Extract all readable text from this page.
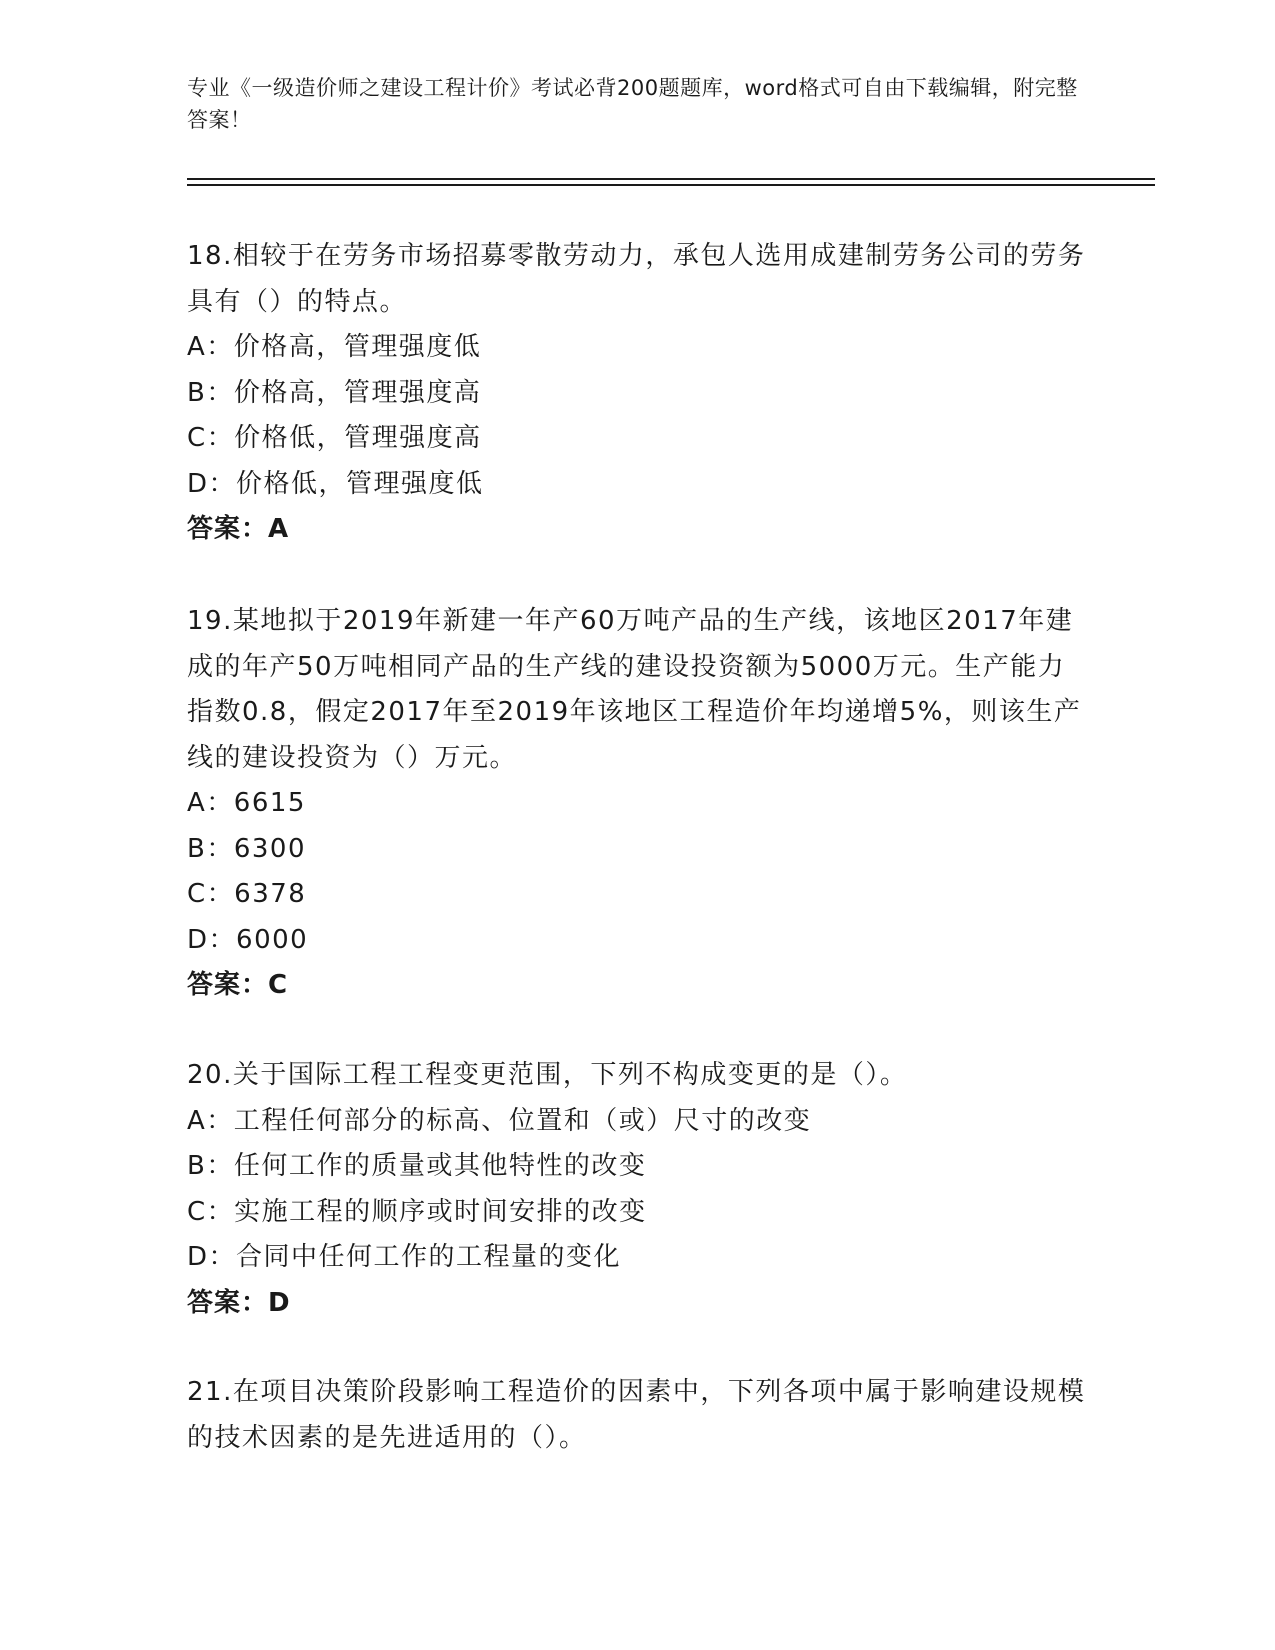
专业《一级造价师之建设工程计价》考试必背200题题库，word格式可自由下载编辑，附完整答案！
18.相较于在劳务市场招募零散劳动力，承包人选用成建制劳务公司的劳务具有（）的特点。
A：价格高，管理强度低
B：价格高，管理强度高
C：价格低，管理强度高
D：价格低，管理强度低
答案：A
19.某地拟于2019年新建一年产60万吨产品的生产线，该地区2017年建成的年产50万吨相同产品的生产线的建设投资额为5000万元。生产能力指数0.8，假定2017年至2019年该地区工程造价年均递增5%，则该生产线的建设投资为（）万元。
A：6615
B：6300
C：6378
D：6000
答案：C
20.关于国际工程工程变更范围，下列不构成变更的是（）。
A：工程任何部分的标高、位置和（或）尺寸的改变
B：任何工作的质量或其他特性的改变
C：实施工程的顺序或时间安排的改变
D：合同中任何工作的工程量的变化
答案：D
21.在项目决策阶段影响工程造价的因素中，下列各项中属于影响建设规模的技术因素的是先进适用的（）。
